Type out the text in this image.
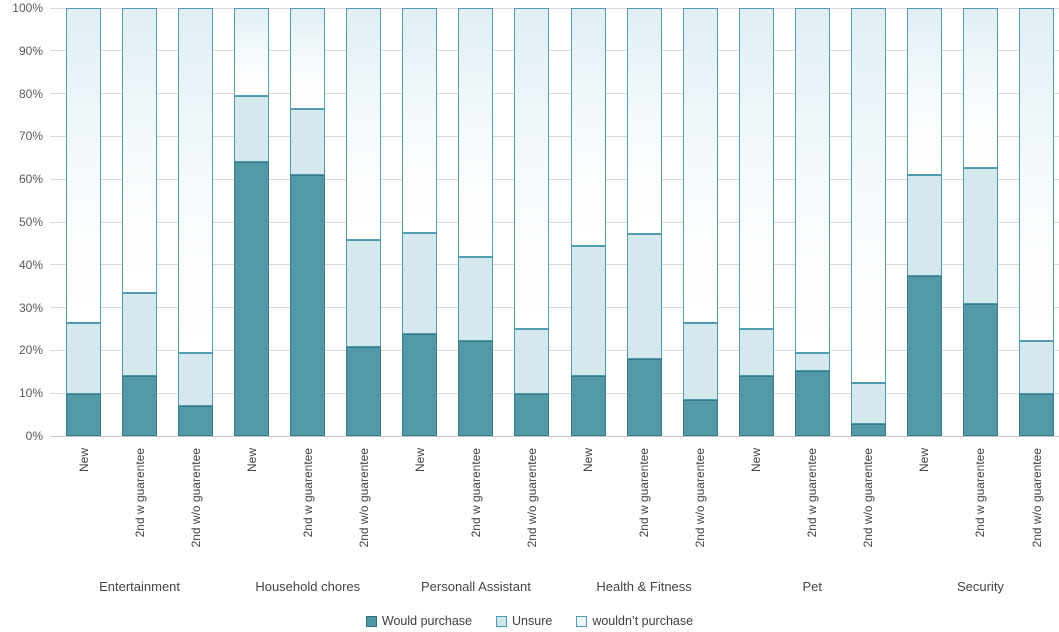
0%
10%
20%
30%
40%
50%
60%
70%
80%
90%
100%
New	2nd w guarentee	2nd w/o guarentee	New	2nd w guarentee	2nd w/o guarentee	New	2nd w guarentee	2nd w/o guarentee	New	2nd w guarentee	2nd w/o guarentee	New	2nd w guarentee	2nd w/o guarentee	New	2nd w guarentee	2nd w/o guarentee
Entertainment	Household chores	Personall Assistant	Health & Fitness	Pet	Security
Would purchase	Unsure	wouldn’t purchase
